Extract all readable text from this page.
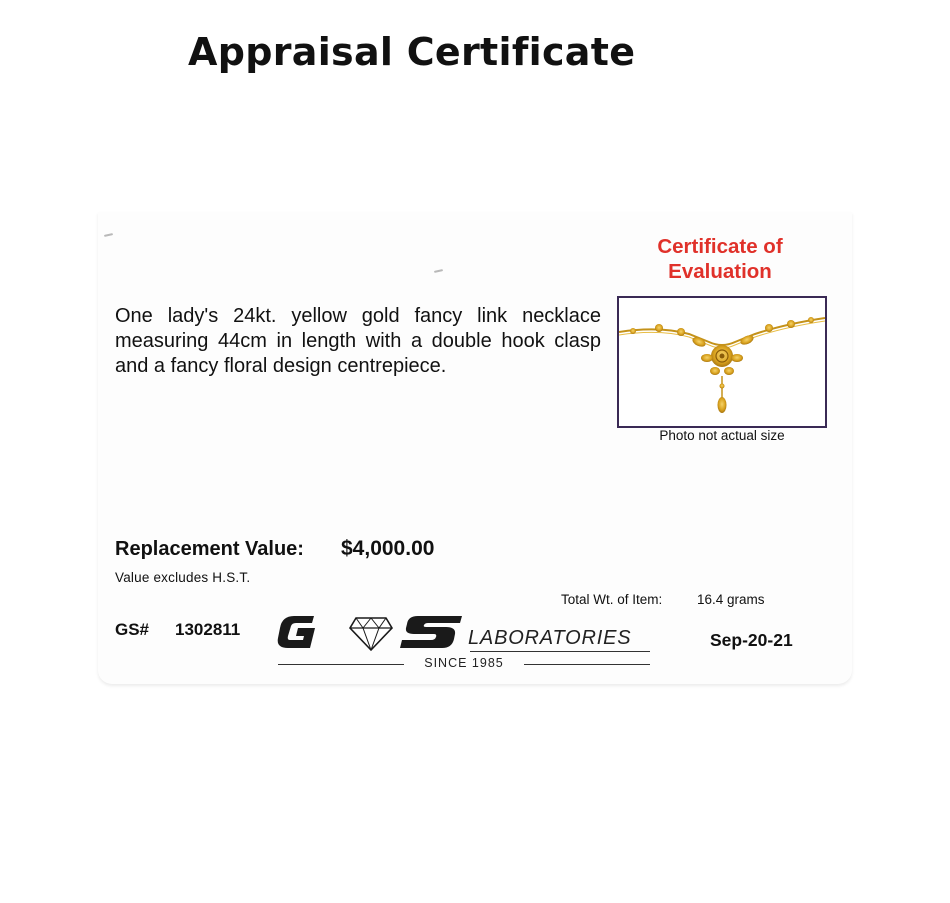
Appraisal Certificate
One lady's 24kt. yellow gold fancy link necklace measuring 44cm in length with a double hook clasp and a fancy floral design centrepiece.
Certificate of
Evaluation
Photo not actual size
Replacement Value: $4,000.00
Value excludes H.S.T.
Total Wt. of Item:	16.4 grams
GS# 1302811	LABORATORIES
SINCE 1985
Sep-20-21
